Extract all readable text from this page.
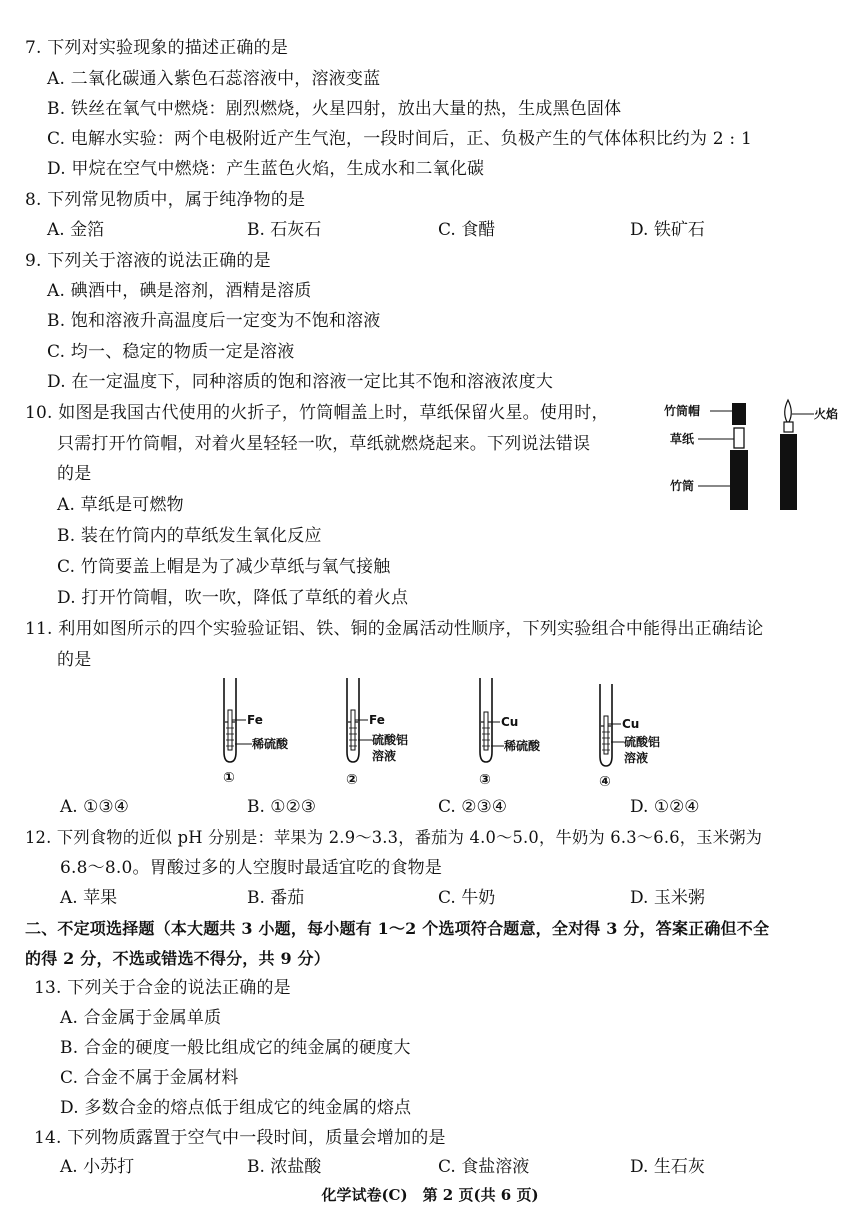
7. 下列对实验现象的描述正确的是
A. 二氧化碳通入紫色石蕊溶液中，溶液变蓝
B. 铁丝在氧气中燃烧：剧烈燃烧，火星四射，放出大量的热，生成黑色固体
C. 电解水实验：两个电极附近产生气泡，一段时间后，正、负极产生的气体体积比约为 2 : 1
D. 甲烷在空气中燃烧：产生蓝色火焰，生成水和二氧化碳
8. 下列常见物质中，属于纯净物的是
A. 金箔	B. 石灰石	C. 食醋	D. 铁矿石
9. 下列关于溶液的说法正确的是
A. 碘酒中，碘是溶剂，酒精是溶质
B. 饱和溶液升高温度后一定变为不饱和溶液
C. 均一、稳定的物质一定是溶液
D. 在一定温度下，同种溶质的饱和溶液一定比其不饱和溶液浓度大
10. 如图是我国古代使用的火折子，竹筒帽盖上时，草纸保留火星。使用时，
只需打开竹筒帽，对着火星轻轻一吹，草纸就燃烧起来。下列说法错误
的是
A. 草纸是可燃物
B. 装在竹筒内的草纸发生氧化反应
C. 竹筒要盖上帽是为了减少草纸与氧气接触
D. 打开竹筒帽，吹一吹，降低了草纸的着火点
竹筒帽
草纸
竹筒
火焰
11. 利用如图所示的四个实验验证铝、铁、铜的金属活动性顺序，下列实验组合中能得出正确结论
的是
Fe
稀硫酸
①
Fe
硫酸铝
溶液
②
Cu
稀硫酸
③
Cu
硫酸铝
溶液
④
A. ①③④	B. ①②③	C. ②③④	D. ①②④
12. 下列食物的近似 pH 分别是：苹果为 2.9～3.3，番茄为 4.0～5.0，牛奶为 6.3～6.6，玉米粥为
6.8～8.0。胃酸过多的人空腹时最适宜吃的食物是
A. 苹果	B. 番茄	C. 牛奶	D. 玉米粥
二、不定项选择题（本大题共 3 小题，每小题有 1～2 个选项符合题意，全对得 3 分，答案正确但不全
的得 2 分，不选或错选不得分，共 9 分）
13. 下列关于合金的说法正确的是
A. 合金属于金属单质
B. 合金的硬度一般比组成它的纯金属的硬度大
C. 合金不属于金属材料
D. 多数合金的熔点低于组成它的纯金属的熔点
14. 下列物质露置于空气中一段时间，质量会增加的是
A. 小苏打	B. 浓盐酸	C. 食盐溶液	D. 生石灰
化学试卷(C)　第 2 页(共 6 页)
